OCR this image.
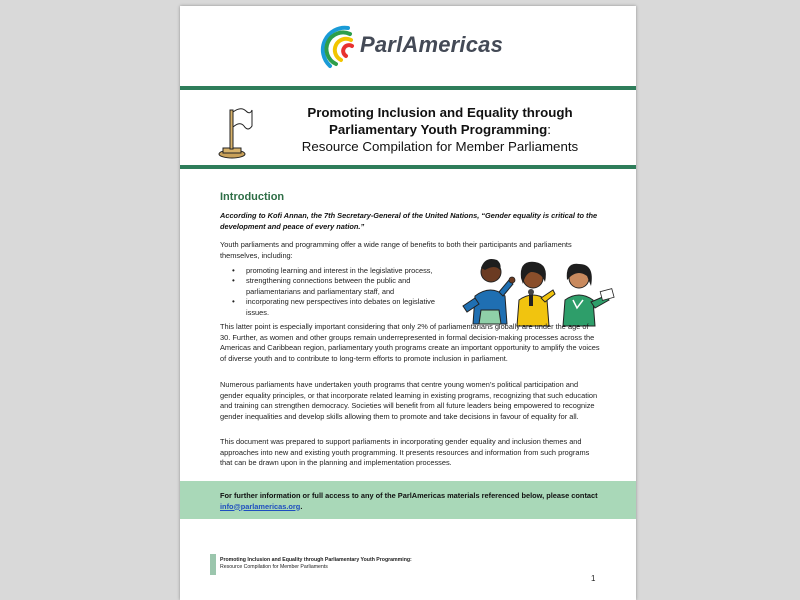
ParlAmericas
Promoting Inclusion and Equality through
Parliamentary Youth Programming:
Resource Compilation for Member Parliaments
Introduction
According to Kofi Annan, the 7th Secretary-General of the United Nations, “Gender equality is critical to the development and peace of every nation.”
Youth parliaments and programming offer a wide range of benefits to both their participants and parliaments themselves, including:
• promoting learning and interest in the legislative process,
• strengthening connections between the public and parliamentarians and parliamentary staff, and
• incorporating new perspectives into debates on legislative issues.
This latter point is especially important considering that only 2% of parliamentarians globally are under the age of 30. Further, as women and other groups remain underrepresented in formal decision-making processes across the Americas and Caribbean region, parliamentary youth programs create an important opportunity to amplify the voices of diverse youth and to contribute to long-term efforts to promote inclusion in parliament.
Numerous parliaments have undertaken youth programs that centre young women’s political participation and gender equality principles, or that incorporate related learning in existing programs, recognizing that such education and training can strengthen democracy. Societies will benefit from all future leaders being empowered to recognize gender inequalities and develop skills allowing them to promote and take decisions in favour of equality for all.
This document was prepared to support parliaments in incorporating gender equality and inclusion themes and approaches into new and existing youth programming. It presents resources and information from such programs that can be drawn upon in the planning and implementation processes.
For further information or full access to any of the ParlAmericas materials referenced below, please contact info@parlamericas.org.
Promoting Inclusion and Equality through Parliamentary Youth Programming:
Resource Compilation for Member Parliaments
1
